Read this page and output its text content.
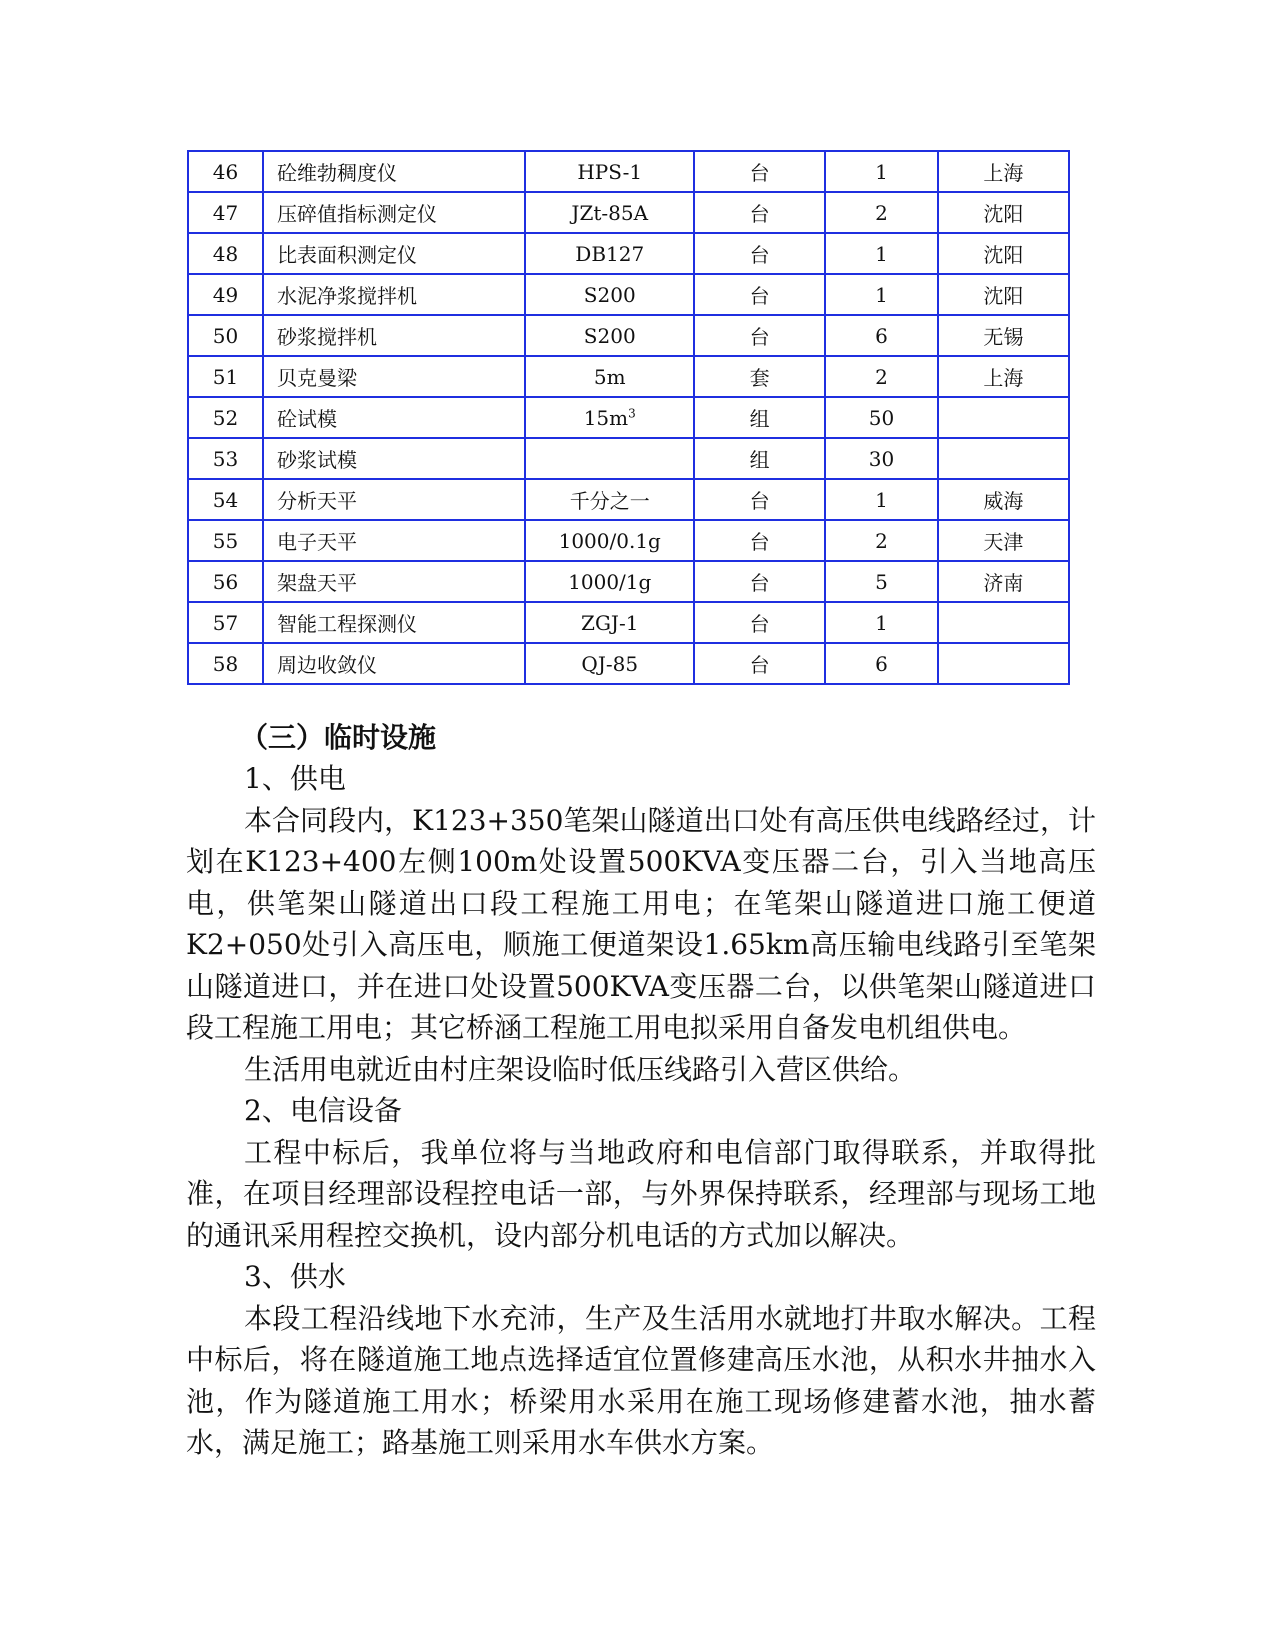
46	砼维勃稠度仪	HPS-1	台	1	上海
47	压碎值指标测定仪	JZt-85A	台	2	沈阳
48	比表面积测定仪	DB127	台	1	沈阳
49	水泥净浆搅拌机	S200	台	1	沈阳
50	砂浆搅拌机	S200	台	6	无锡
51	贝克曼梁	5m	套	2	上海
52	砼试模	$15m^3$	组	50	
53	砂浆试模		组	30	
54	分析天平	千分之一	台	1	威海
55	电子天平	1000/0.1g	台	2	天津
56	架盘天平	1000/1g	台	5	济南
57	智能工程探测仪	ZGJ-1	台	1	
58	周边收敛仪	QJ-85	台	6	
（三）临时设施

1、供电

本合同段内，K123+350笔架山隧道出口处有高压供电线路经过，计划在K123+400左侧100m处设置500KVA变压器二台，引入当地高压电，供笔架山隧道出口段工程施工用电；在笔架山隧道进口施工便道K2+050处引入高压电，顺施工便道架设1.65km高压输电线路引至笔架山隧道进口，并在进口处设置500KVA变压器二台，以供笔架山隧道进口段工程施工用电；其它桥涵工程施工用电拟采用自备发电机组供电。

生活用电就近由村庄架设临时低压线路引入营区供给。

2、电信设备

工程中标后，我单位将与当地政府和电信部门取得联系，并取得批准，在项目经理部设程控电话一部，与外界保持联系，经理部与现场工地的通讯采用程控交换机，设内部分机电话的方式加以解决。

3、供水

本段工程沿线地下水充沛，生产及生活用水就地打井取水解决。工程中标后，将在隧道施工地点选择适宜位置修建高压水池，从积水井抽水入池，作为隧道施工用水；桥梁用水采用在施工现场修建蓄水池，抽水蓄水，满足施工；路基施工则采用水车供水方案。
